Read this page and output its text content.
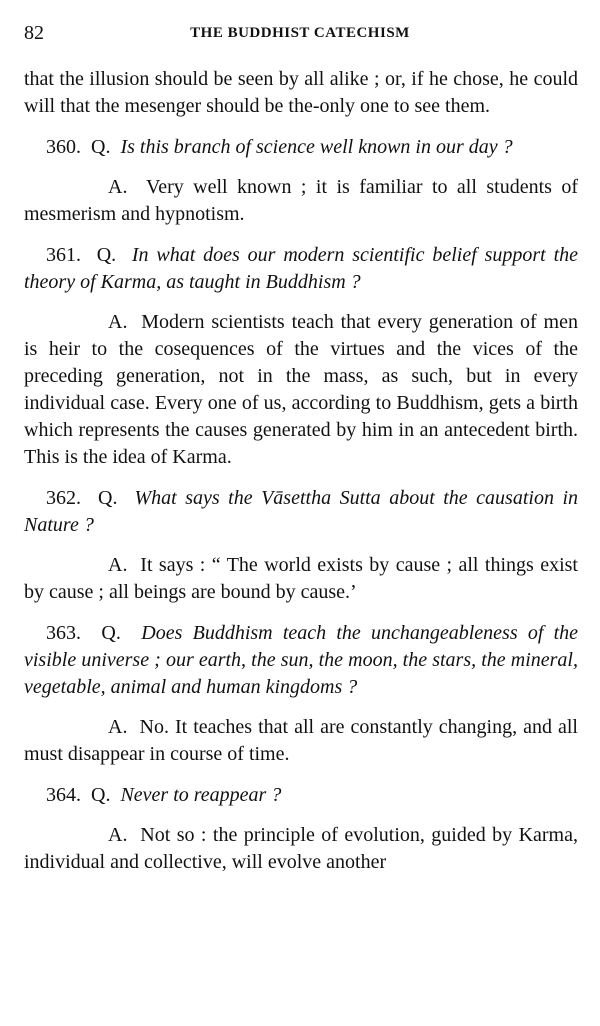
82	THE BUDDHIST CATECHISM

that the illusion should be seen by all alike ; or, if he chose, he could will that the mesenger should be the-only one to see them.

360. Q. Is this branch of science well known in our day ?

A. Very well known ; it is familiar to all students of mesmerism and hypnotism.

361. Q. In what does our modern scientific belief support the theory of Karma, as taught in Buddhism ?

A. Modern scientists teach that every generation of men is heir to the cosequences of the virtues and the vices of the preceding generation, not in the mass, as such, but in every individual case. Every one of us, according to Buddhism, gets a birth which represents the causes generated by him in an antecedent birth. This is the idea of Karma.

362. Q. What says the Vāsettha Sutta about the causation in Nature ?

A. It says : “ The world exists by cause ; all things exist by cause ; all beings are bound by cause.’

363. Q. Does Buddhism teach the unchangeableness of the visible universe ; our earth, the sun, the moon, the stars, the mineral, vegetable, animal and human kingdoms ?

A. No. It teaches that all are constantly changing, and all must disappear in course of time.

364. Q. Never to reappear ?

A. Not so : the principle of evolution, guided by Karma, individual and collective, will evolve another
